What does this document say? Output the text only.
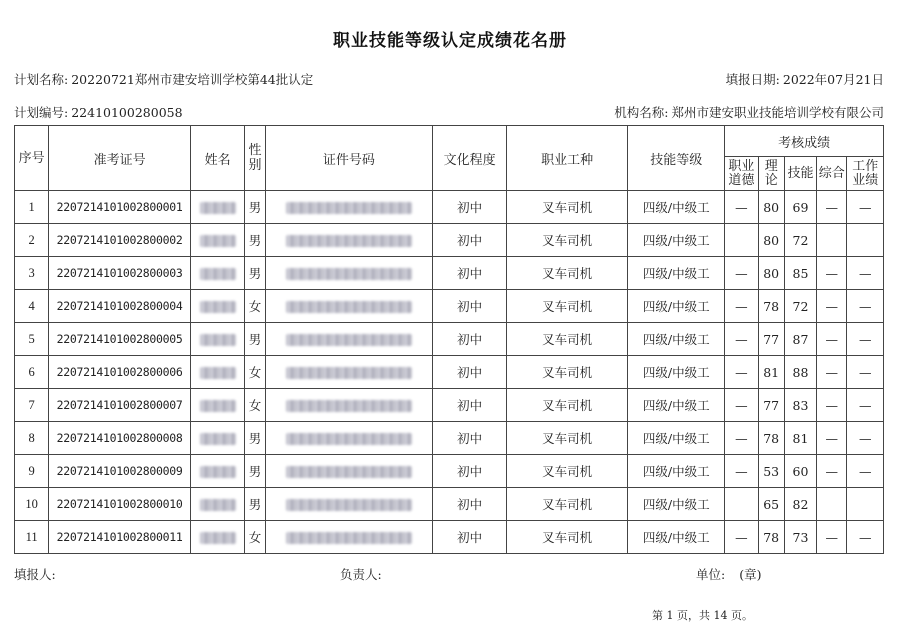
职业技能等级认定成绩花名册
计划名称: 20220721郑州市建安培训学校第44批认定	填报日期: 2022年07月21日
计划编号: 22410100280058	机构名称: 郑州市建安职业技能培训学校有限公司
序号	准考证号	姓名	性别	证件号码	文化程度	职业工种	技能等级	考核成绩				
								职业道德	理论	技能	综合	工作业绩
1	2207214101002800001		男		初中	叉车司机	四级/中级工	—	80	69	—	—
2	2207214101002800002		男		初中	叉车司机	四级/中级工		80	72		
3	2207214101002800003		男		初中	叉车司机	四级/中级工	—	80	85	—	—
4	2207214101002800004		女		初中	叉车司机	四级/中级工	—	78	72	—	—
5	2207214101002800005		男		初中	叉车司机	四级/中级工	—	77	87	—	—
6	2207214101002800006		女		初中	叉车司机	四级/中级工	—	81	88	—	—
7	2207214101002800007		女		初中	叉车司机	四级/中级工	—	77	83	—	—
8	2207214101002800008		男		初中	叉车司机	四级/中级工	—	78	81	—	—
9	2207214101002800009		男		初中	叉车司机	四级/中级工	—	53	60	—	—
10	2207214101002800010		男		初中	叉车司机	四级/中级工		65	82		
11	2207214101002800011		女		初中	叉车司机	四级/中级工	—	78	73	—	—
填报人:	负责人:	单位: (章)
第 1 页，共 14 页。
